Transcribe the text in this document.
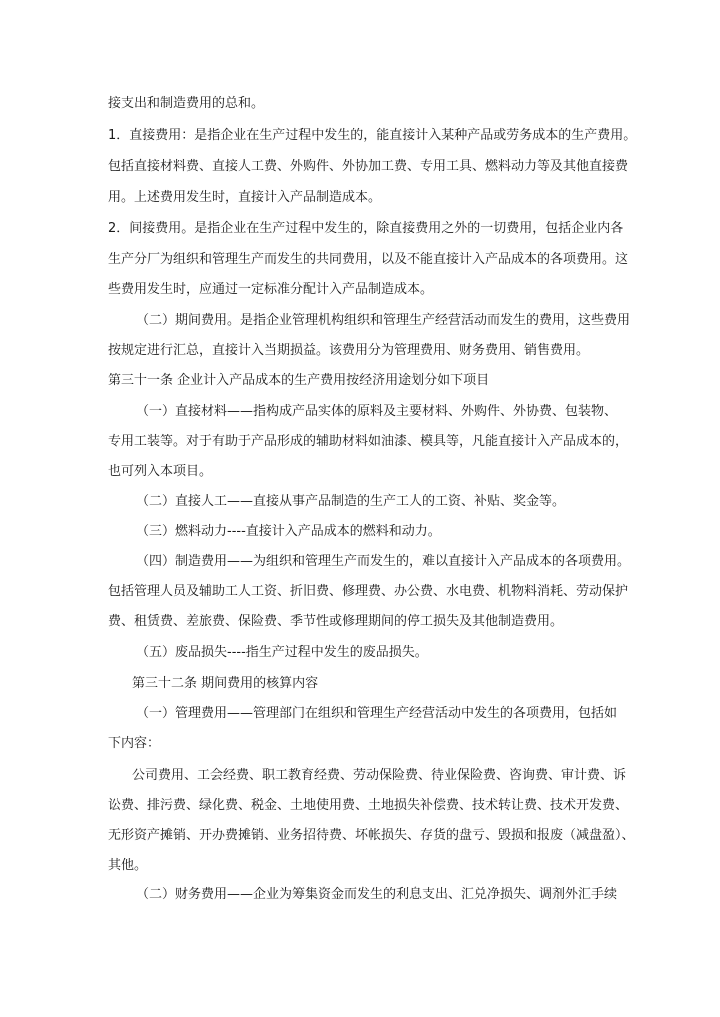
接支出和制造费用的总和。
1．直接费用：是指企业在生产过程中发生的，能直接计入某种产品或劳务成本的生产费用。
包括直接材料费、直接人工费、外购件、外协加工费、专用工具、燃料动力等及其他直接费
用。上述费用发生时，直接计入产品制造成本。
2．间接费用。是指企业在生产过程中发生的，除直接费用之外的一切费用，包括企业内各
生产分厂为组织和管理生产而发生的共同费用，以及不能直接计入产品成本的各项费用。这
些费用发生时，应通过一定标准分配计入产品制造成本。
（二）期间费用。是指企业管理机构组织和管理生产经营活动而发生的费用，这些费用
按规定进行汇总，直接计入当期损益。该费用分为管理费用、财务费用、销售费用。
第三十一条 企业计入产品成本的生产费用按经济用途划分如下项目
（一）直接材料——指构成产品实体的原料及主要材料、外购件、外协费、包装物、
专用工装等。对于有助于产品形成的辅助材料如油漆、模具等，凡能直接计入产品成本的，
也可列入本项目。
（二）直接人工——直接从事产品制造的生产工人的工资、补贴、奖金等。
（三）燃料动力----直接计入产品成本的燃料和动力。
（四）制造费用——为组织和管理生产而发生的，难以直接计入产品成本的各项费用。
包括管理人员及辅助工人工资、折旧费、修理费、办公费、水电费、机物料消耗、劳动保护
费、租赁费、差旅费、保险费、季节性或修理期间的停工损失及其他制造费用。
（五）废品损失----指生产过程中发生的废品损失。
第三十二条 期间费用的核算内容
（一）管理费用——管理部门在组织和管理生产经营活动中发生的各项费用，包括如
下内容：
公司费用、工会经费、职工教育经费、劳动保险费、待业保险费、咨询费、审计费、诉
讼费、排污费、绿化费、税金、土地使用费、土地损失补偿费、技术转让费、技术开发费、
无形资产摊销、开办费摊销、业务招待费、坏帐损失、存货的盘亏、毁损和报废（减盘盈）、
其他。
（二）财务费用——企业为筹集资金而发生的利息支出、汇兑净损失、调剂外汇手续
